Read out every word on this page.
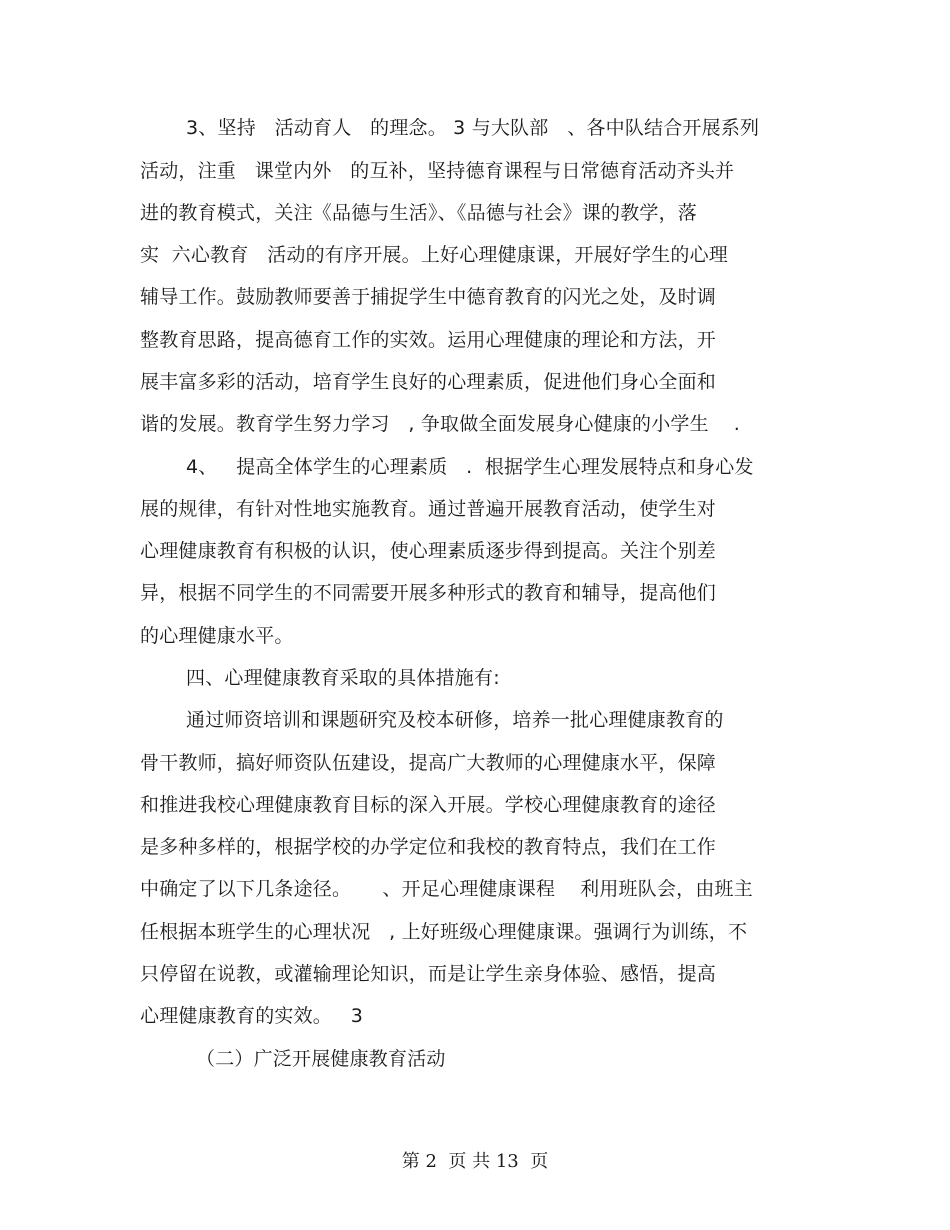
3、坚持   活动育人   的理念。 3 与大队部   、各中队结合开展系列
活动，注重   课堂内外   的互补，坚持德育课程与日常德育活动齐头并
进的教育模式，关注《品德与生活》、《品德与社会》课的教学，落
实  六心教育   活动的有序开展。上好心理健康课，开展好学生的心理
辅导工作。鼓励教师要善于捕捉学生中德育教育的闪光之处，及时调
整教育思路，提高德育工作的实效。运用心理健康的理论和方法，开
展丰富多彩的活动，培育学生良好的心理素质，促进他们身心全面和
谐的发展。教育学生努力学习   , 争取做全面发展身心健康的小学生    .
4、   提高全体学生的心理素质   .  根据学生心理发展特点和身心发
展的规律，有针对性地实施教育。通过普遍开展教育活动，使学生对
心理健康教育有积极的认识，使心理素质逐步得到提高。关注个别差
异，根据不同学生的不同需要开展多种形式的教育和辅导，提高他们
的心理健康水平。
四、心理健康教育采取的具体措施有:
通过师资培训和课题研究及校本研修，培养一批心理健康教育的
骨干教师，搞好师资队伍建设，提高广大教师的心理健康水平，保障
和推进我校心理健康教育目标的深入开展。学校心理健康教育的途径
是多种多样的，根据学校的办学定位和我校的教育特点，我们在工作
中确定了以下几条途径。     、开足心理健康课程    利用班队会，由班主
任根据本班学生的心理状况   , 上好班级心理健康课。强调行为训练，不
只停留在说教，或灌输理论知识，而是让学生亲身体验、感悟，提高
心理健康教育的实效。   3
（二）广泛开展健康教育活动
第 2  页 共 13  页
